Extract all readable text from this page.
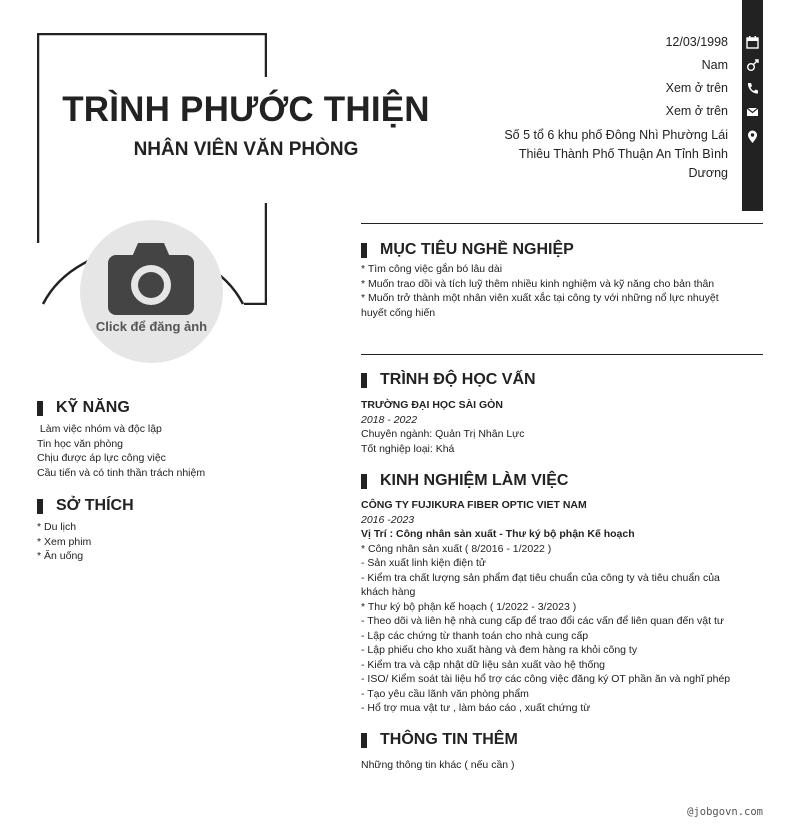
TRÌNH PHƯỚC THIỆN
NHÂN VIÊN VĂN PHÒNG
Click để đăng ảnh
12/03/1998
Nam
Xem ở trên
Xem ở trên
Số 5 tổ 6 khu phố Đông Nhì Phường Lái
Thiêu Thành Phố Thuận An Tỉnh Bình
Dương
KỸ NĂNG
Làm việc nhóm và độc lập
Tin học văn phòng
Chịu được áp lực công việc
Cầu tiến và có tinh thần trách nhiệm
SỞ THÍCH
* Du lịch
* Xem phim
* Ăn uống
MỤC TIÊU NGHỀ NGHIỆP
* Tìm công việc gắn bó lâu dài
* Muốn trao dồi và tích luỹ thêm nhiều kinh nghiệm và kỹ năng cho bản thân
* Muốn trở thành một nhân viên xuất xắc tại công ty với những nổ lực nhuyệt
huyết cống hiến
TRÌNH ĐỘ HỌC VẤN
TRƯỜNG ĐẠI HỌC SÀI GÒN
2018 - 2022
Chuyên ngành: Quản Trị Nhân Lực
Tốt nghiệp loại: Khá
KINH NGHIỆM LÀM VIỆC
CÔNG TY FUJIKURA FIBER OPTIC VIET NAM
2016 -2023
Vị Trí : Công nhân sản xuất - Thư ký bộ phận Kế hoạch
* Công nhân sản xuất ( 8/2016 - 1/2022 )
- Sản xuất linh kiện điện tử
- Kiểm tra chất lượng sản phẩm đạt tiêu chuẩn của công ty và tiêu chuẩn của
khách hàng
* Thư ký bộ phận kế hoạch ( 1/2022 - 3/2023 )
- Theo dõi và liên hệ nhà cung cấp để trao đổi các vấn để liên quan đến vật tư
- Lập các chứng từ thanh toán cho nhà cung cấp
- Lập phiếu cho kho xuất hàng và đem hàng ra khỏi công ty
- Kiểm tra và cập nhật dữ liệu sản xuất vào hệ thống
- ISO/ Kiểm soát tài liệu hổ trợ các công việc đăng ký OT phần ăn và nghĩ phép
- Tạo yêu cầu lãnh văn phòng phẩm
- Hổ trợ mua vật tư , làm báo cáo , xuất chứng từ
THÔNG TIN THÊM
Những thông tin khác ( nếu cần )
@jobgovn.com
